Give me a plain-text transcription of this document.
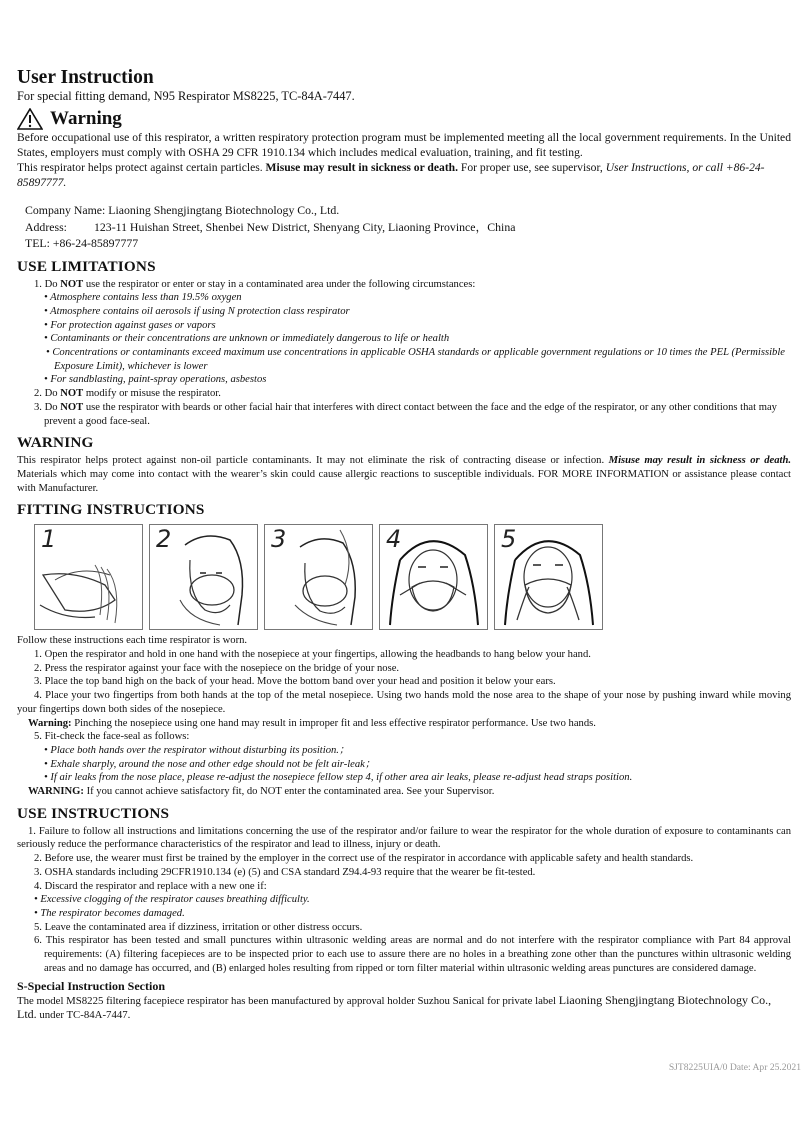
User Instruction
For special fitting demand, N95 Respirator MS8225, TC-84A-7447.
Warning

Before occupational use of this respirator, a written respiratory protection program must be implemented meeting all the local government requirements. In the United States, employers must comply with OSHA 29 CFR 1910.134 which includes medical evaluation, training, and fit testing.

This respirator helps protect against certain particles. Misuse may result in sickness or death. For proper use, see supervisor, User Instructions, or call +86-24-85897777.

Company Name:
Liaoning Shengjingtang Biotechnology Co., Ltd.
Address:	123-11 Huishan Street, Shenbei New District, Shenyang City, Liaoning Province，China
TEL:
+86-24-85897777
USE LIMITATIONS
1. Do NOT use the respirator or enter or stay in a contaminated area under the following circumstances:
• Atmosphere contains less than 19.5% oxygen
• Atmosphere contains oil aerosols if using N protection class respirator
• For protection against gases or vapors
• Contaminants or their concentrations are unknown or immediately dangerous to life or health
• Concentrations or contaminants exceed maximum use concentrations in applicable OSHA standards or applicable government regulations or 10 times the PEL (Permissible Exposure Limit), whichever is lower
• For sandblasting, paint-spray operations, asbestos
2. Do NOT modify or misuse the respirator.
3. Do NOT use the respirator with beards or other facial hair that interferes with direct contact between the face and the edge of the respirator, or any other conditions that may prevent a good face-seal.
WARNING
This respirator helps protect against non-oil particle contaminants. It may not eliminate the risk of contracting disease or infection. Misuse may result in sickness or death.     Materials which may come into contact with the wearer’s skin could cause allergic reactions to susceptible individuals. FOR MORE INFORMATION or assistance please contact with Manufacturer.
FITTING INSTRUCTIONS
1	2	3	4	5
Follow these instructions each time respirator is worn.
1. Open the respirator and hold in one hand with the nosepiece at your fingertips, allowing the headbands to hang below your hand.
2. Press the respirator against your face with the nosepiece on the bridge of your nose.
3. Place the top band high on the back of your head. Move the bottom band over your head and position it below your ears.
4. Place your two fingertips from both hands at the top of the metal nosepiece. Using two hands mold the nose area to the shape of your nose by pushing inward while moving your fingertips down both sides of the nosepiece.
Warning: Pinching the nosepiece using one hand may result in improper fit and less effective respirator performance. Use two hands.
5. Fit-check the face-seal as follows:
• Place both hands over the respirator without disturbing its position.；
• Exhale sharply, around the nose and other edge should not be felt air-leak；
• If air leaks from the nose place, please re-adjust the nosepiece fellow step 4, if other area air leaks, please re-adjust head straps position.
WARNING: If you cannot achieve satisfactory fit, do NOT enter the contaminated area. See your Supervisor.
USE INSTRUCTIONS
1. Failure to follow all instructions and limitations concerning the use of the respirator and/or failure to wear the respirator for the whole duration of exposure to contaminants can seriously reduce the performance characteristics of the respirator and lead to illness, injury or death.
2. Before use, the wearer must first be trained by the employer in the correct use of the respirator in accordance with applicable safety and health standards.
3. OSHA standards including 29CFR1910.134 (e) (5) and CSA standard Z94.4-93 require that the wearer be fit-tested.
4. Discard the respirator and replace with a new one if:
• Excessive clogging of the respirator causes breathing difficulty.
• The respirator becomes damaged.
5. Leave the contaminated area if dizziness, irritation or other distress occurs.
6. This respirator has been tested and small punctures within ultrasonic welding areas are normal and do not interfere with the respirator compliance with Part 84 approval requirements: (A) filtering facepieces are to be inspected prior to each use to assure there are no holes in a breathing zone other than the punctures within ultrasonic welding areas and no damage has occurred, and (B) enlarged holes resulting from ripped or torn filter material within ultrasonic welding areas punctures are considered damage.
S-Special Instruction Section
The model MS8225 filtering facepiece respirator has been manufactured by approval holder Suzhou Sanical for private label Liaoning Shengjingtang Biotechnology Co., Ltd. under TC-84A-7447.
SJT8225UIA/0 Date: Apr 25.2021
